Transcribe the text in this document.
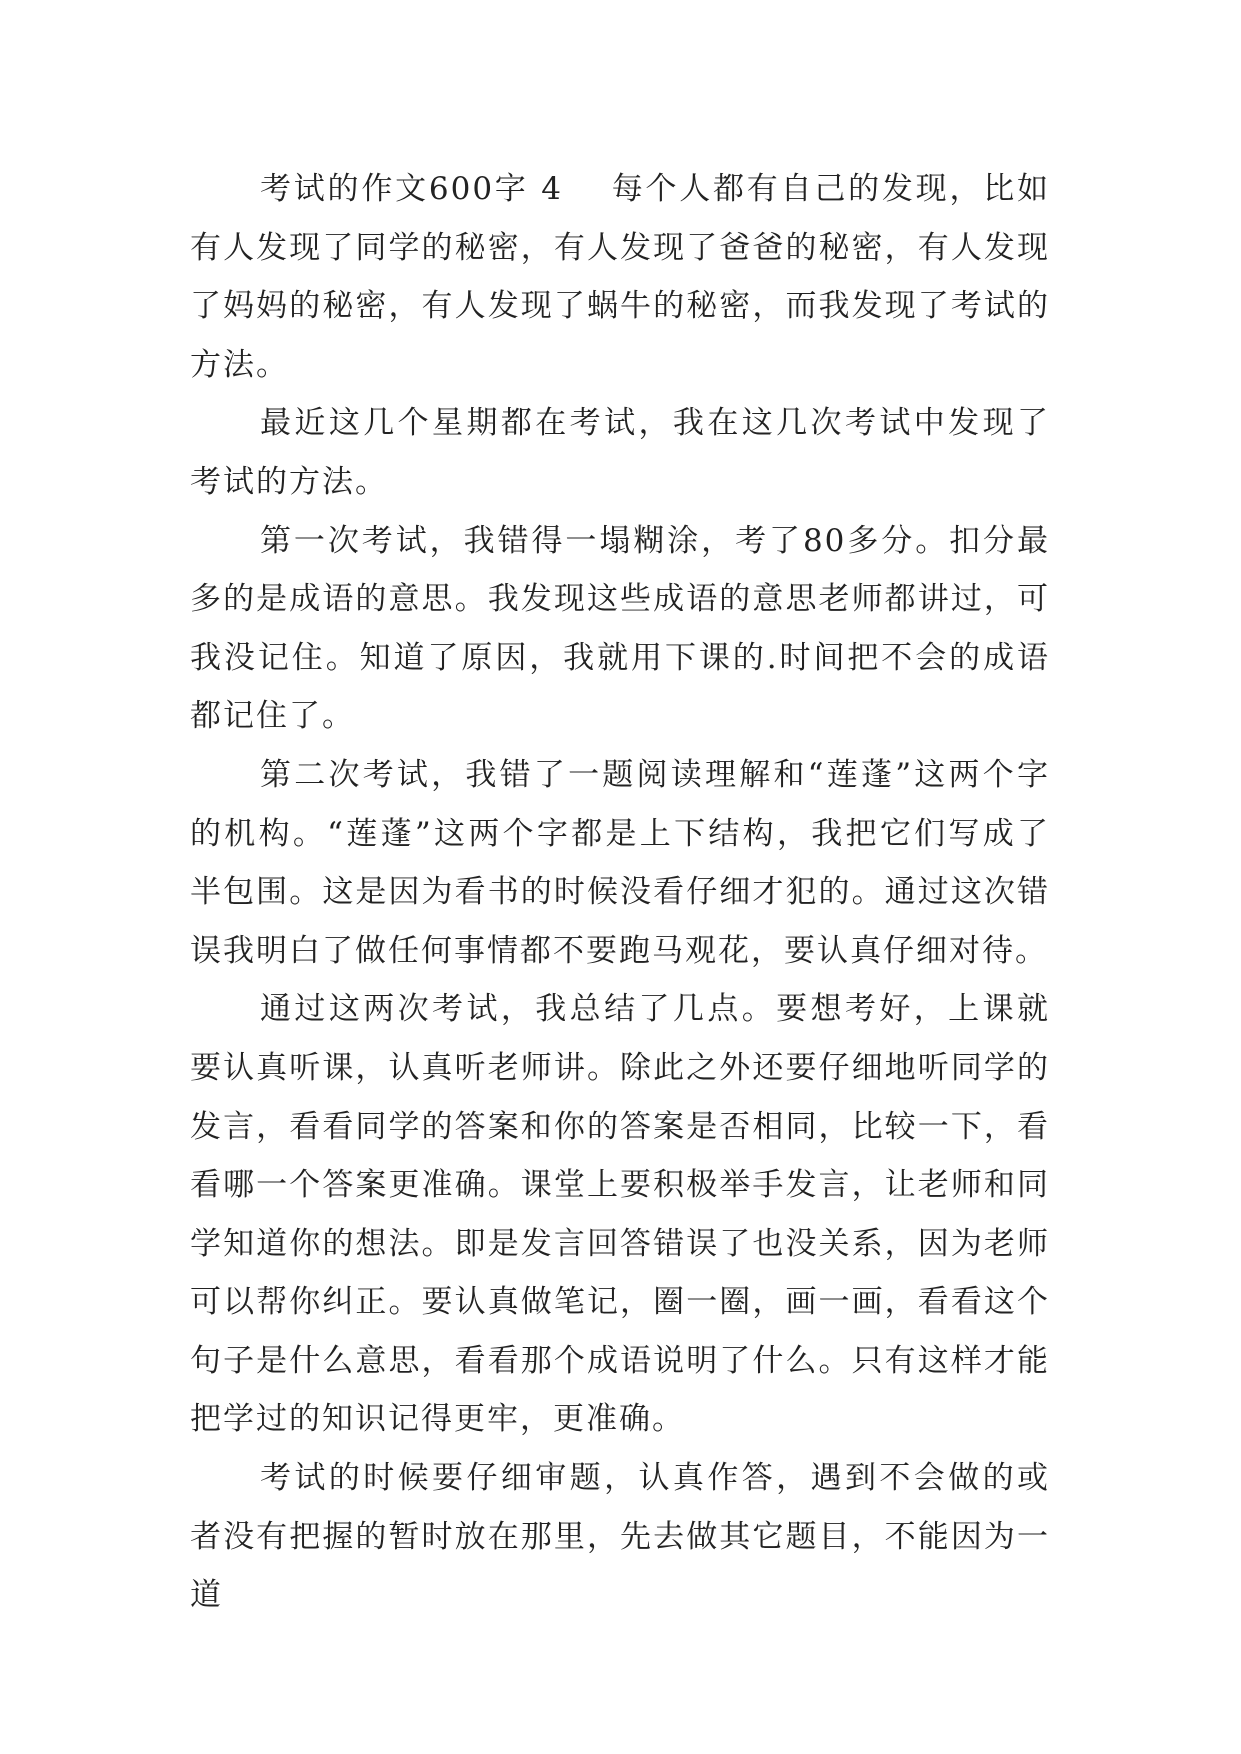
考试的作文600字 4 每个人都有自己的发现，比如有人发现了同学的秘密，有人发现了爸爸的秘密，有人发现了妈妈的秘密，有人发现了蜗牛的秘密，而我发现了考试的方法。

最近这几个星期都在考试，我在这几次考试中发现了考试的方法。

第一次考试，我错得一塌糊涂，考了80多分。扣分最多的是成语的意思。我发现这些成语的意思老师都讲过，可我没记住。知道了原因，我就用下课的.时间把不会的成语都记住了。

第二次考试，我错了一题阅读理解和“莲蓬”这两个字的机构。“莲蓬”这两个字都是上下结构，我把它们写成了半包围。这是因为看书的时候没看仔细才犯的。通过这次错误我明白了做任何事情都不要跑马观花，要认真仔细对待。

通过这两次考试，我总结了几点。要想考好，上课就要认真听课，认真听老师讲。除此之外还要仔细地听同学的发言，看看同学的答案和你的答案是否相同，比较一下，看看哪一个答案更准确。课堂上要积极举手发言，让老师和同学知道你的想法。即是发言回答错误了也没关系，因为老师可以帮你纠正。要认真做笔记，圈一圈，画一画，看看这个句子是什么意思，看看那个成语说明了什么。只有这样才能把学过的知识记得更牢，更准确。

考试的时候要仔细审题，认真作答，遇到不会做的或者没有把握的暂时放在那里，先去做其它题目，不能因为一道
